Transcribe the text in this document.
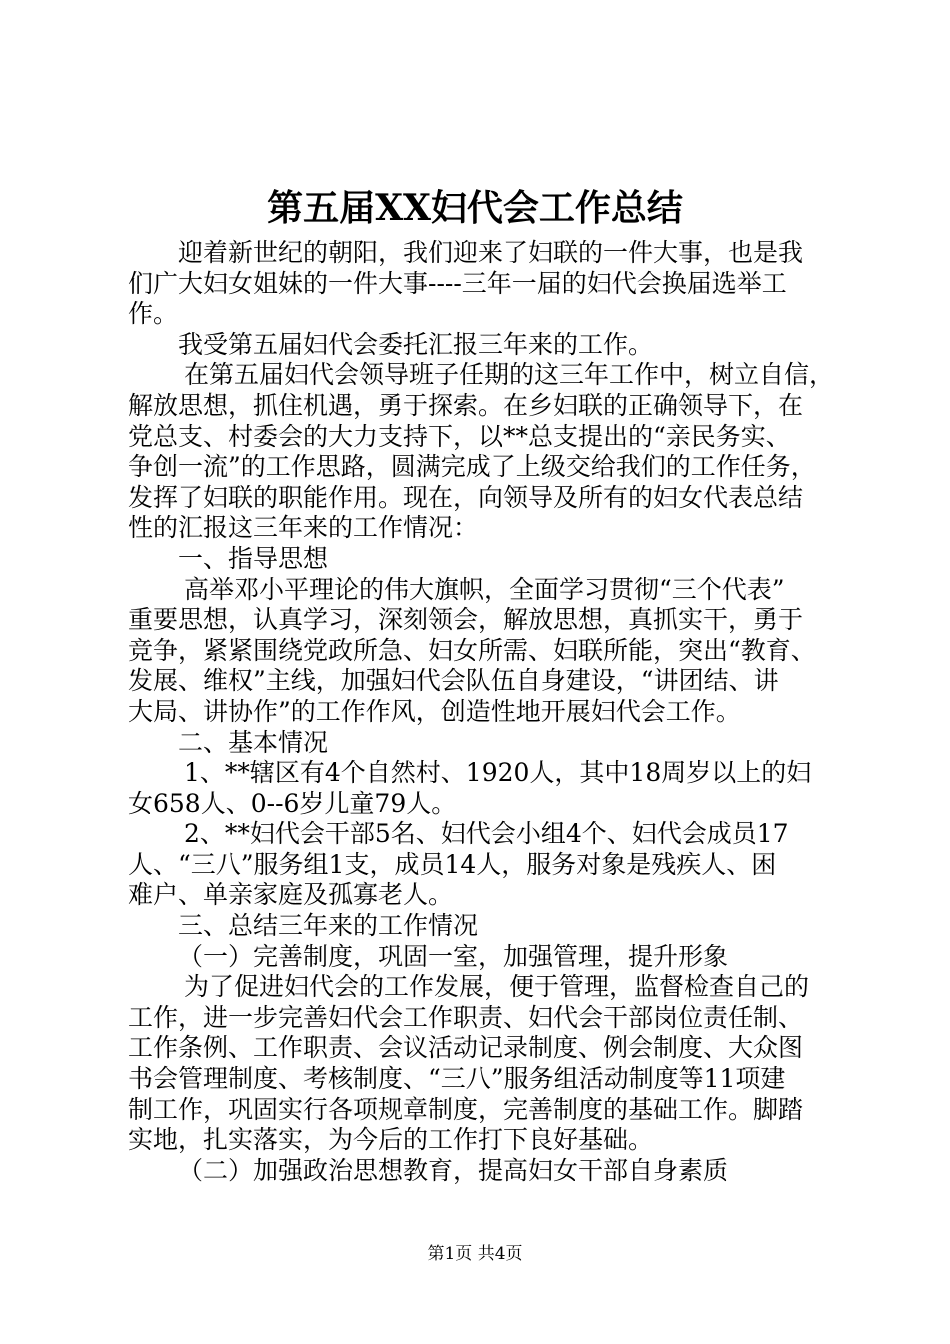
第五届XX妇代会工作总结

迎着新世纪的朝阳，我们迎来了妇联的一件大事，也是我

们广大妇女姐妹的一件大事----三年一届的妇代会换届选举工

作。

我受第五届妇代会委托汇报三年来的工作。

在第五届妇代会领导班子任期的这三年工作中，树立自信，

解放思想，抓住机遇，勇于探索。在乡妇联的正确领导下，在

党总支、村委会的大力支持下，以**总支提出的“亲民务实、

争创一流”的工作思路，圆满完成了上级交给我们的工作任务，

发挥了妇联的职能作用。现在，向领导及所有的妇女代表总结

性的汇报这三年来的工作情况：

一、指导思想

高举邓小平理论的伟大旗帜，全面学习贯彻“三个代表”

重要思想，认真学习，深刻领会，解放思想，真抓实干，勇于

竞争，紧紧围绕党政所急、妇女所需、妇联所能，突出“教育、

发展、维权”主线，加强妇代会队伍自身建设，“讲团结、讲

大局、讲协作”的工作作风，创造性地开展妇代会工作。

二、基本情况

1、**辖区有4个自然村、1920人，其中18周岁以上的妇

女658人、0--6岁儿童79人。

2、**妇代会干部5名、妇代会小组4个、妇代会成员17

人、“三八”服务组1支，成员14人，服务对象是残疾人、困

难户、单亲家庭及孤寡老人。

三、总结三年来的工作情况

（一）完善制度，巩固一室，加强管理，提升形象

为了促进妇代会的工作发展，便于管理，监督检查自己的

工作，进一步完善妇代会工作职责、妇代会干部岗位责任制、

工作条例、工作职责、会议活动记录制度、例会制度、大众图

书会管理制度、考核制度、“三八”服务组活动制度等11项建

制工作，巩固实行各项规章制度，完善制度的基础工作。脚踏

实地，扎实落实，为今后的工作打下良好基础。

（二）加强政治思想教育，提高妇女干部自身素质

第1页 共4页
